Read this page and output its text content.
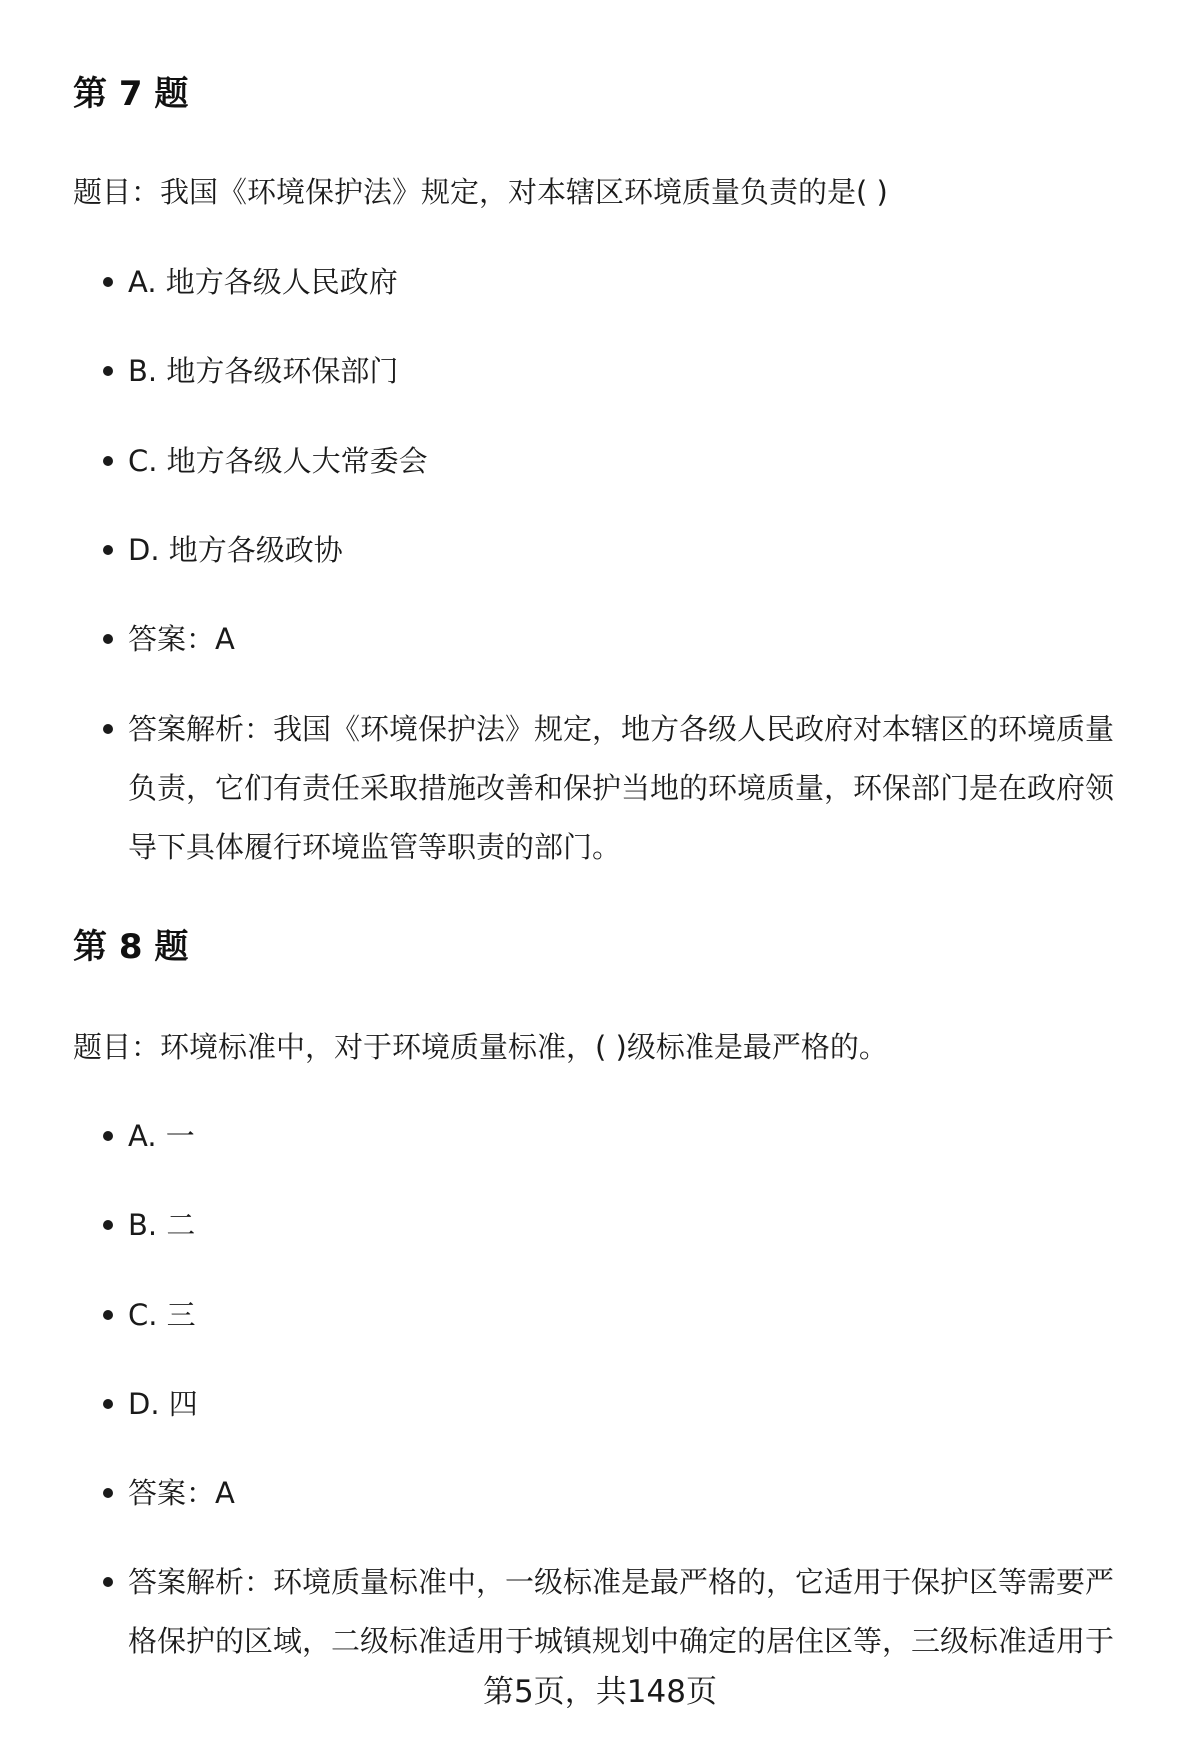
第 7 题

题目：我国《环境保护法》规定，对本辖区环境质量负责的是( )

A. 地方各级人民政府
B. 地方各级环保部门
C. 地方各级人大常委会
D. 地方各级政协
答案：A
答案解析：我国《环境保护法》规定，地方各级人民政府对本辖区的环境质量负责，它们有责任采取措施改善和保护当地的环境质量，环保部门是在政府领导下具体履行环境监管等职责的部门。
第 8 题

题目：环境标准中，对于环境质量标准，( )级标准是最严格的。

A. 一
B. 二
C. 三
D. 四
答案：A
答案解析：环境质量标准中，一级标准是最严格的，它适用于保护区等需要严格保护的区域，二级标准适用于城镇规划中确定的居住区等，三级标准适用于

第5页，共148页
